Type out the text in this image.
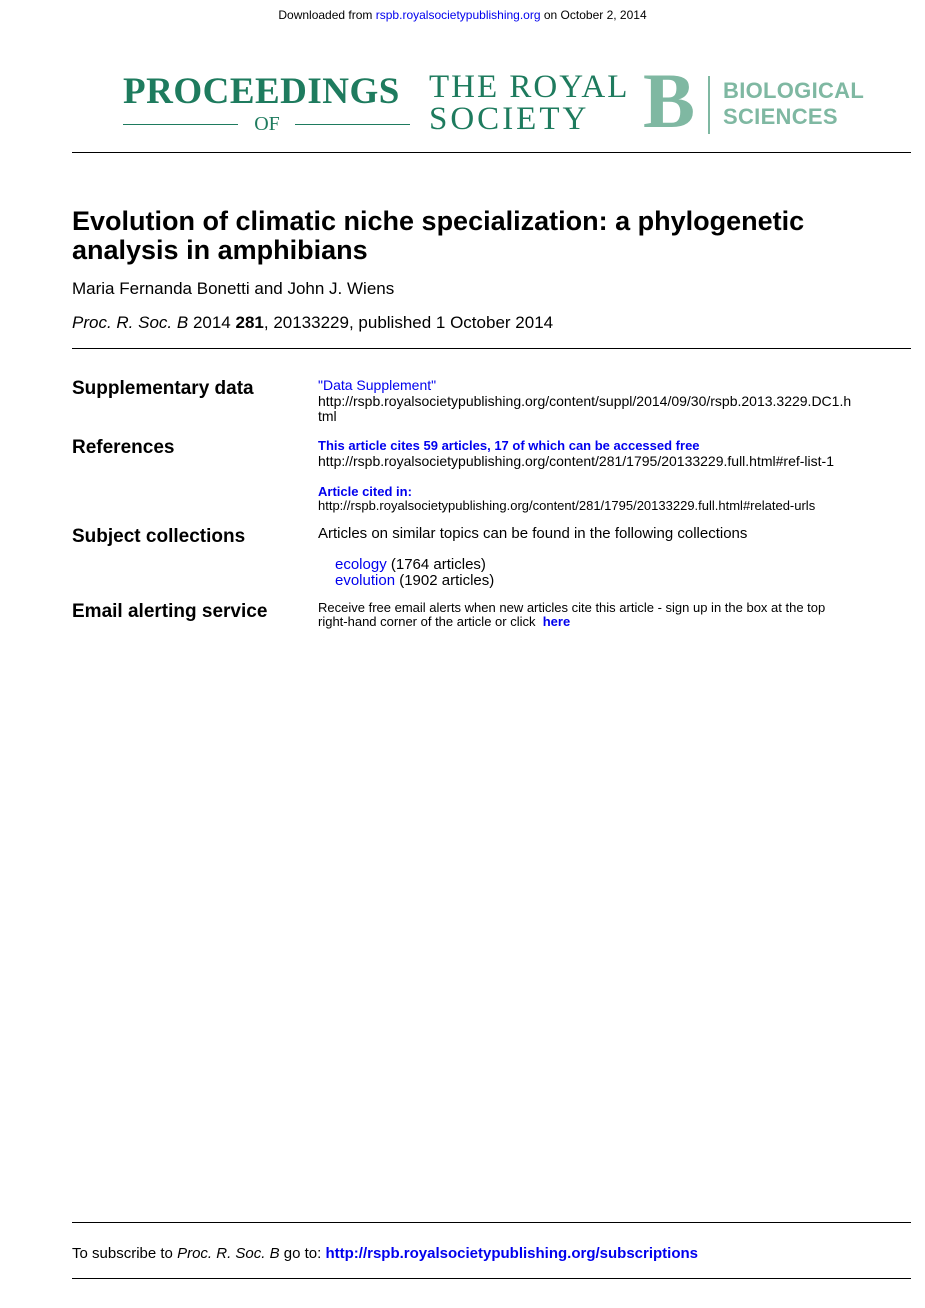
Downloaded from rspb.royalsocietypublishing.org on October 2, 2014
PROCEEDINGS
OF
THE ROYAL
SOCIETY B BIOLOGICAL
SCIENCES
Evolution of climatic niche specialization: a phylogenetic analysis in amphibians
Maria Fernanda Bonetti and John J. Wiens
Proc. R. Soc. B 2014 281, 20133229, published 1 October 2014
Supplementary data	"Data Supplement"
http://rspb.royalsocietypublishing.org/content/suppl/2014/09/30/rspb.2013.3229.DC1.h
tml
References	This article cites 59 articles, 17 of which can be accessed free
http://rspb.royalsocietypublishing.org/content/281/1795/20133229.full.html#ref-list-1
Article cited in:
http://rspb.royalsocietypublishing.org/content/281/1795/20133229.full.html#related-urls
Subject collections	Articles on similar topics can be found in the following collections
ecology (1764 articles)
evolution (1902 articles)
Email alerting service	Receive free email alerts when new articles cite this article - sign up in the box at the top
right-hand corner of the article or click here
To subscribe to Proc. R. Soc. B go to: http://rspb.royalsocietypublishing.org/subscriptions
